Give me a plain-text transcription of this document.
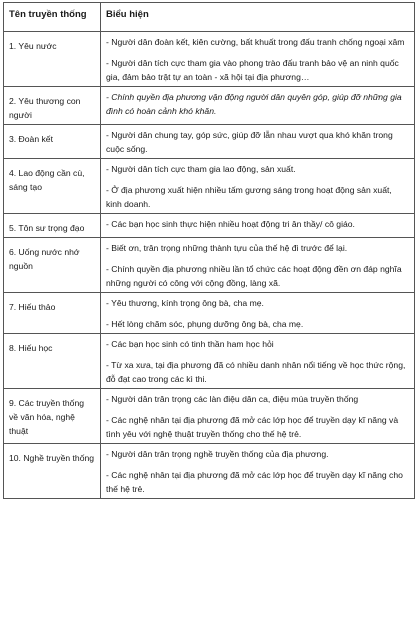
Tên truyền thống	Biểu hiện
1. Yêu nước	- Người dân đoàn kết, kiên cường, bất khuất trong đấu tranh chống ngoại xâm
- Người dân tích cực tham gia vào phong trào đấu tranh bảo vệ an ninh quốc gia, đảm bảo trật tự an toàn - xã hội tại địa phương…

2. Yêu thương con người	- Chính quyền địa phương vận động người dân quyên góp, giúp đỡ những gia đình có hoàn cảnh khó khăn.

3. Đoàn kết	- Người dân chung tay, góp sức, giúp đỡ lẫn nhau vượt qua khó khăn trong cuộc sống.

4. Lao động cần cù, sáng tạo	- Người dân tích cực tham gia lao động, sản xuất.
- Ở địa phương xuất hiện nhiều tấm gương sáng trong hoạt động sản xuất, kinh doanh.

5. Tôn sư trọng đạo	- Các bạn học sinh thực hiện nhiều hoạt động tri ân thầy/ cô giáo.

6. Uống nước nhớ nguồn	- Biết ơn, trân trọng những thành tựu của thế hệ đi trước để lại.
- Chính quyền địa phương nhiều lần tổ chức các hoạt động đền ơn đáp nghĩa những người có công với cộng đồng, làng xã.

7. Hiếu thảo	- Yêu thương, kính trọng ông bà, cha mẹ.
- Hết lòng chăm sóc, phụng dưỡng ông bà, cha mẹ.

8. Hiếu học	- Các bạn học sinh có tinh thần ham học hỏi
- Từ xa xưa, tại địa phương đã có nhiều danh nhân nổi tiếng về học thức rộng, đỗ đạt cao trong các kì thi.

9. Các truyền thống về văn hóa, nghệ thuật	- Người dân trân trọng các làn điệu dân ca, điệu múa truyền thống
- Các nghệ nhân tại địa phương đã mở các lớp học để truyền dạy kĩ năng và tình yêu với nghệ thuật truyền thống cho thế hệ trẻ.

10. Nghề truyền thống	- Người dân trân trọng nghề truyền thống của địa phương.
- Các nghệ nhân tại địa phương đã mở các lớp học để truyền dạy kĩ năng cho thế hệ trẻ.
